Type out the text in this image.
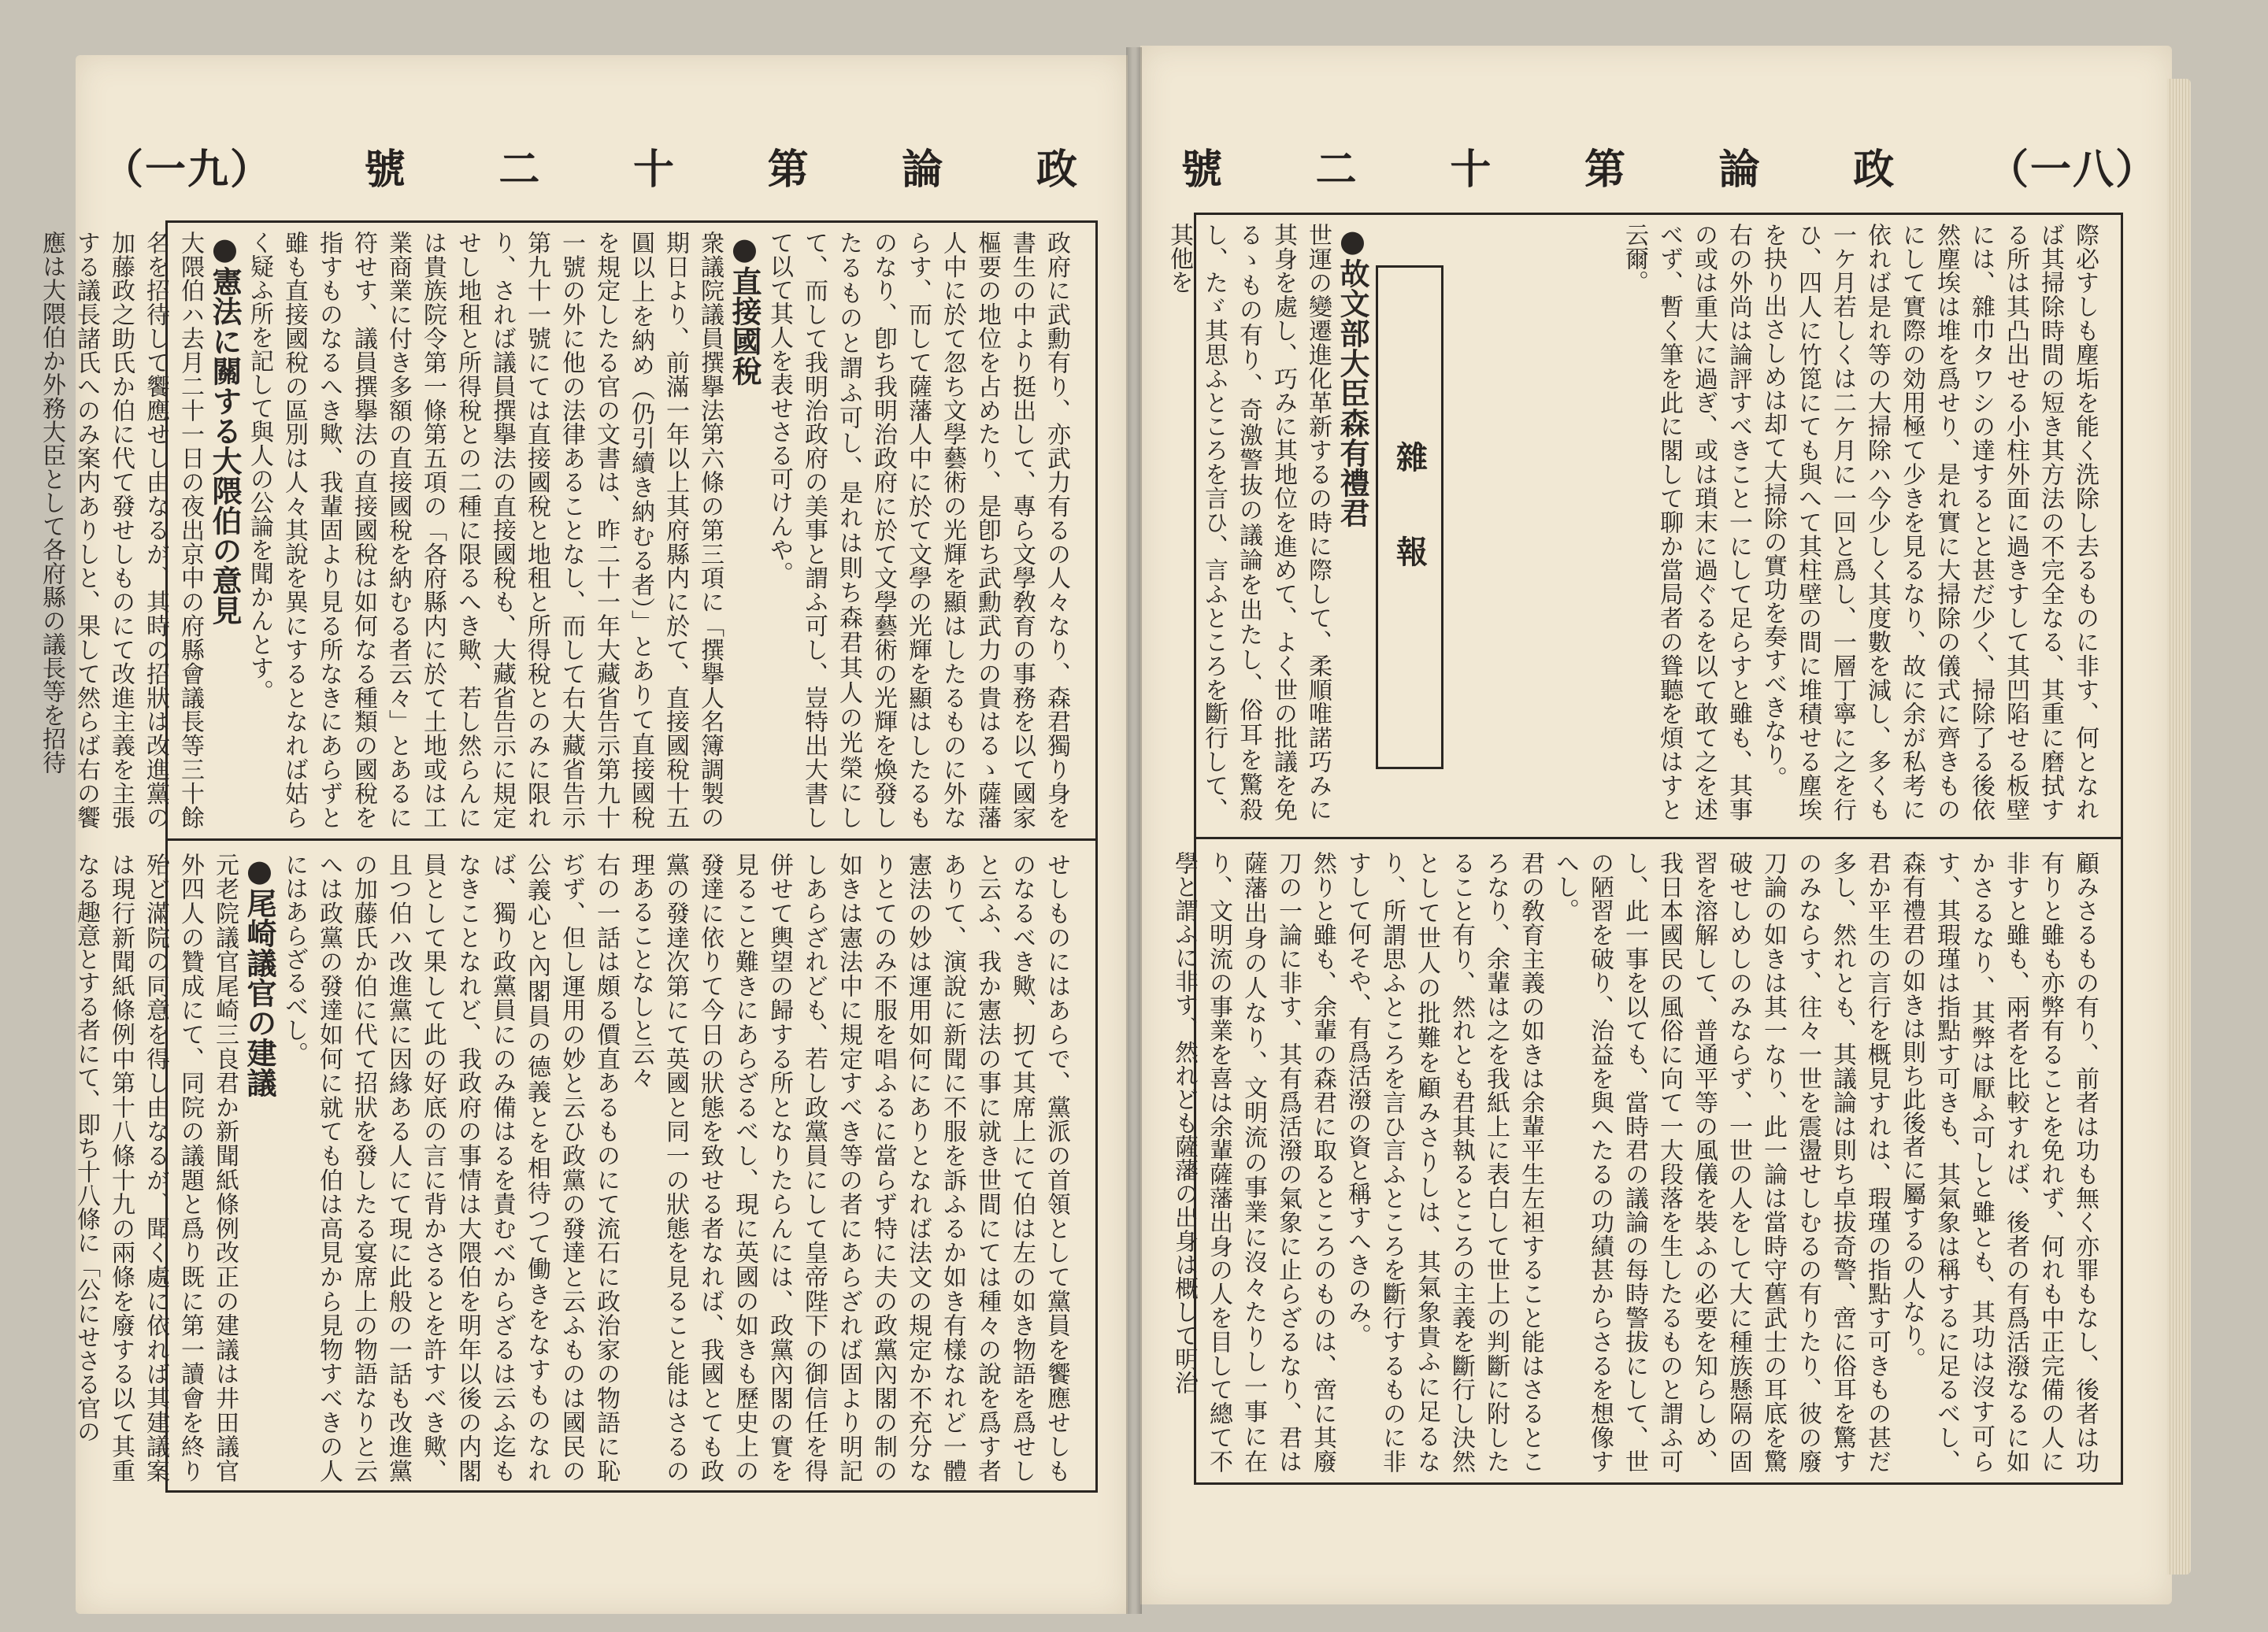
（一九） 號 二 十 第 論 政	號 二 十 第 論 政 （一八）

政府に武勳有り、亦武力有るの人々なり、森君獨り身を書生の中より挺出して、專ら文學敎育の事務を以て國家樞要の地位を占めたり、是卽ち武勳武力の貴はるゝ薩藩人中に於て忽ち文學藝術の光輝を顯はしたるものに外ならす、而して薩藩人中に於て文學の光輝を顯はしたるものなり、卽ち我明治政府に於て文學藝術の光輝を煥發したるものと謂ふ可し、是れは則ち森君其人の光榮にして、而して我明治政府の美事と謂ふ可し、豈特出大書して以て其人を表せさる可けんや。

●直接國稅

衆議院議員撰擧法第六條の第三項に「撰擧人名簿調製の期日より、前滿一年以上其府縣内に於て、直接國稅十五圓以上を納め（仍引續き納むる者）」とありて直接國稅を規定したる官の文書は、昨二十一年大藏省告示第九十一號の外に他の法律あることなし、而して右大藏省告示第九十一號にては直接國稅と地租と所得稅とのみに限れり、されば議員撰擧法の直接國稅も、大藏省告示に規定せし地租と所得稅との二種に限るへき歟、若し然らんには貴族院令第一條第五項の「各府縣内に於て土地或は工業商業に付き多額の直接國稅を納むる者云々」とあるに符せす、議員撰擧法の直接國稅は如何なる種類の國稅を指すものなるへき歟、我輩固より見る所なきにあらずと雖も直接國稅の區別は人々其說を異にするとなれば姑らく疑ふ所を記して與人の公論を聞かんとす。

●憲法に關する大隈伯の意見

大隈伯ハ去月二十一日の夜出京中の府縣會議長等三十餘名を招待して饗應せし由なるが、其時の招狀は改進黨の加藤政之助氏か伯に代て發せしものにて改進主義を主張する議長諸氏へのみ案内ありしと、果して然らば右の饗應は大隈伯か外務大臣として各府縣の議長等を招待

せしものにはあらで、黨派の首領として黨員を饗應せしものなるべき歟、扨て其席上にて伯は左の如き物語を爲せしと云ふ、我か憲法の事に就き世間にては種々の說を爲す者ありて、演說に新聞に不服を訴ふるか如き有樣なれど一體憲法の妙は運用如何にありとなれば法文の規定か不充分なりとてのみ不服を唱ふるに當らず特に夫の政黨內閣の制の如きは憲法中に規定すべき等の者にあらざれば固より明記しあらざれども、若し政黨員にして皇帝陛下の御信任を得併せて輿望の歸する所となりたらんには、政黨內閣の實を見ること難きにあらざるべし、現に英國の如きも歷史上の發達に依りて今日の狀態を致せる者なれば、我國とても政黨の發達次第にて英國と同一の狀態を見ること能はさるの理あることなしと云々

右の一話は頗る價直あるものにて流石に政治家の物語に恥ぢず、但し運用の妙と云ひ政黨の發達と云ふものは國民の公義心と內閣員の德義とを相待つて働きをなすものなれば、獨り政黨員にのみ備はるを責むべからざるは云ふ迄もなきことなれど、我政府の事情は大隈伯を明年以後の内閣員として果して此の好底の言に背かさるとを許すべき歟、且つ伯ハ改進黨に因緣ある人にて現に此般の一話も改進黨の加藤氏か伯に代て招狀を發したる宴席上の物語なりと云へは政黨の發達如何に就ても伯は高見から見物すべきの人にはあらざるべし。

●尾崎議官の建議

元老院議官尾崎三良君か新聞紙條例改正の建議は井田議官外四人の贊成にて、同院の議題と爲り既に第一讀會を終り殆ど滿院の同意を得し由なるが、聞く處に依れば其建議案は現行新聞紙條例中第十八條十九の兩條を廢する以て其重なる趣意とする者にて、即ち十八條に「公にせさる官の

際必すしも塵垢を能く洗除し去るものに非す、何となれば其掃除時間の短き其方法の不完全なる、其重に磨拭する所は其凸出せる小柱外面に過きすして其凹陷せる板壁には、雜巾タワシの達するとと甚だ少く、掃除了る後依然塵埃は堆を爲せり、是れ實に大掃除の儀式に齊きものにして實際の効用極て少きを見るなり、故に余が私考に依れば是れ等の大掃除ハ今少しく其度數を減し、多くも一ケ月若しくは二ケ月に一回と爲し、一層丁寧に之を行ひ、四人に竹箆にても與へて其柱壁の間に堆積せる塵埃を抉り出さしめは却て大掃除の實功を奏すべきなり。

右の外尚は論評すべきこと一にして足らすと雖も、其事の或は重大に過ぎ、或は瑣末に過ぐるを以て敢て之を述べず、暫く筆を此に閣して聊か當局者の聳聽を煩はすと云爾。

雜　報

●故文部大臣森有禮君

世運の變遷進化革新するの時に際して、柔順唯諾巧みに其身を處し、巧みに其地位を進めて、よく世の批議を免るゝもの有り、奇激警抜の議論を出たし、俗耳を驚殺し、たゞ其思ふところを言ひ、言ふところを斷行して、其他を

顧みさるもの有り、前者は功も無く亦罪もなし、後者は功有りと雖も亦弊有ることを免れず、何れも中正完備の人に非すと雖も、兩者を比較すれば、後者の有爲活潑なるに如かさるなり、其弊は厭ふ可しと雖とも、其功は沒す可らす、其瑕瑾は指點す可きも、其氣象は稱するに足るべし、森有禮君の如きは則ち此後者に屬するの人なり。

君か平生の言行を概見すれは、瑕瑾の指點す可きもの甚だ多し、然れとも、其議論は則ち卓拔奇警、啻に俗耳を驚すのみならす、往々一世を震盪せしむるの有りたり、彼の廢刀論の如きは其一なり、此一論は當時守舊武士の耳底を驚破せしめしのみならず、一世の人をして大に種族懸隔の固習を溶解して、普通平等の風儀を裝ふの必要を知らしめ、我日本國民の風俗に向て一大段落を生したるものと謂ふ可し、此一事を以ても、當時君の議論の每時警拔にして、世の陋習を破り、治益を與へたるの功績甚からさるを想像すへし。

君の敎育主義の如きは余輩平生左袒すること能はさるところなり、余輩は之を我紙上に表白して世上の判斷に附したること有り、然れとも君其執るところの主義を斷行し決然として世人の批難を顧みさりしは、其氣象貴ふに足るなり、所謂思ふところを言ひ言ふところを斷行するものに非すして何そや、有爲活潑の資と稱すへきのみ。

然りと雖も、余輩の森君に取るところのものは、啻に其廢刀の一論に非す、其有爲活潑の氣象に止らざるなり、君は薩藩出身の人なり、文明流の事業に沒々たりし一事に在り、文明流の事業を喜は余輩薩藩出身の人を目して總て不學と謂ふに非す、然れども薩藩の出身は概して明治
